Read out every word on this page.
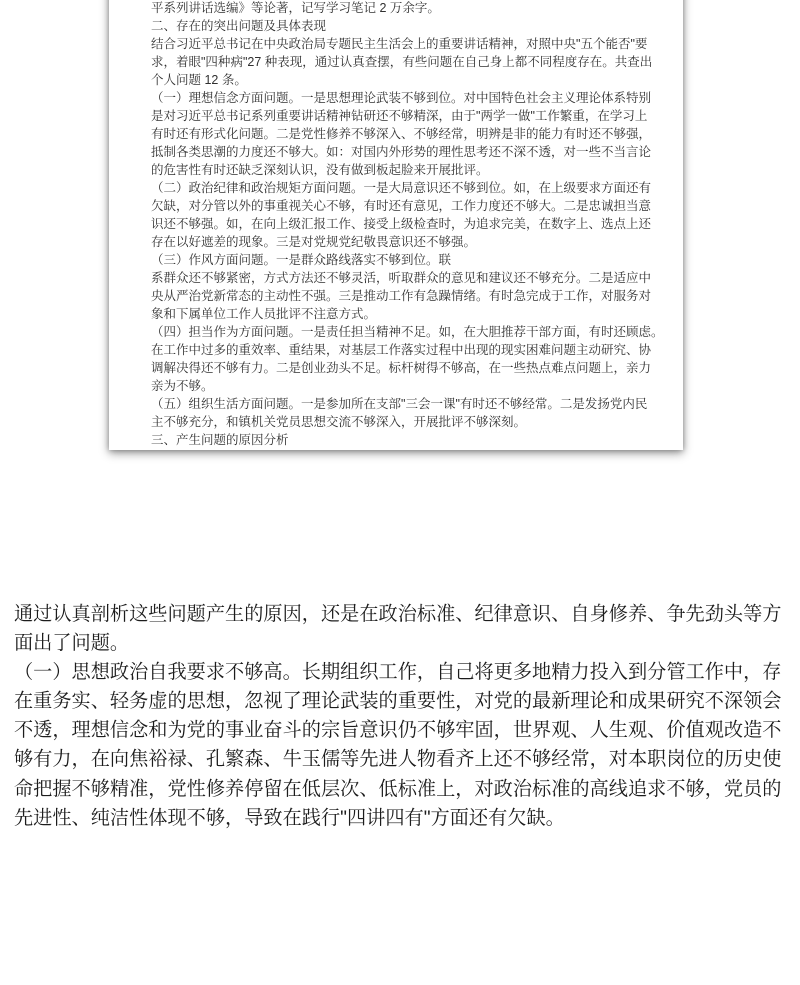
平系列讲话选编》等论著，记写学习笔记 2 万余字。
二、存在的突出问题及具体表现
结合习近平总书记在中央政治局专题民主生活会上的重要讲话精神，对照中央"五个能否"要
求，着眼"四种病"27 种表现，通过认真查摆，有些问题在自己身上都不同程度存在。共查出
个人问题 12 条。
（一）理想信念方面问题。一是思想理论武装不够到位。对中国特色社会主义理论体系特别
是对习近平总书记系列重要讲话精神钻研还不够精深，由于"两学一做"工作繁重，在学习上
有时还有形式化问题。二是党性修养不够深入、不够经常，明辨是非的能力有时还不够强，
抵制各类思潮的力度还不够大。如：对国内外形势的理性思考还不深不透，对一些不当言论
的危害性有时还缺乏深刻认识，没有做到板起脸来开展批评。
（二）政治纪律和政治规矩方面问题。一是大局意识还不够到位。如，在上级要求方面还有
欠缺，对分管以外的事重视关心不够，有时还有意见，工作力度还不够大。二是忠诚担当意
识还不够强。如，在向上级汇报工作、接受上级检查时，为追求完美，在数字上、选点上还
存在以好遮差的现象。三是对党规党纪敬畏意识还不够强。
（三）作风方面问题。一是群众路线落实不够到位。联
系群众还不够紧密，方式方法还不够灵活，听取群众的意见和建议还不够充分。二是适应中
央从严治党新常态的主动性不强。三是推动工作有急躁情绪。有时急完成于工作，对服务对
象和下属单位工作人员批评不注意方式。
（四）担当作为方面问题。一是责任担当精神不足。如，在大胆推荐干部方面，有时还顾虑。
在工作中过多的重效率、重结果，对基层工作落实过程中出现的现实困难问题主动研究、协
调解决得还不够有力。二是创业劲头不足。标杆树得不够高，在一些热点难点问题上，亲力
亲为不够。
（五）组织生活方面问题。一是参加所在支部"三会一课"有时还不够经常。二是发扬党内民
主不够充分，和镇机关党员思想交流不够深入，开展批评不够深刻。
三、产生问题的原因分析
通过认真剖析这些问题产生的原因，还是在政治标准、纪律意识、自身修养、争先劲头等方
面出了问题。
（一）思想政治自我要求不够高。长期组织工作，自己将更多地精力投入到分管工作中，存
在重务实、轻务虚的思想，忽视了理论武装的重要性，对党的最新理论和成果研究不深领会
不透，理想信念和为党的事业奋斗的宗旨意识仍不够牢固，世界观、人生观、价值观改造不
够有力，在向焦裕禄、孔繁森、牛玉儒等先进人物看齐上还不够经常，对本职岗位的历史使
命把握不够精准，党性修养停留在低层次、低标准上，对政治标准的高线追求不够，党员的
先进性、纯洁性体现不够，导致在践行"四讲四有"方面还有欠缺。
